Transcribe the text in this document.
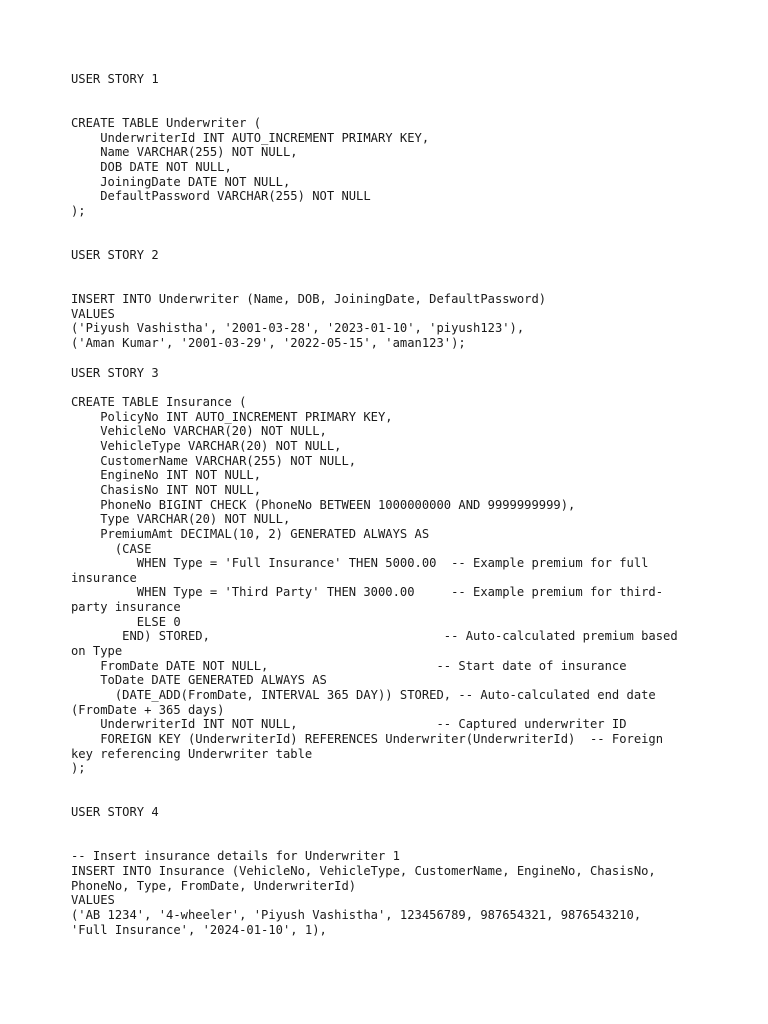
USER STORY 1

CREATE TABLE Underwriter (

UnderwriterId INT AUTO_INCREMENT PRIMARY KEY,

Name VARCHAR(255) NOT NULL,

DOB DATE NOT NULL,

JoiningDate DATE NOT NULL,

DefaultPassword VARCHAR(255) NOT NULL

);

USER STORY 2

INSERT INTO Underwriter (Name, DOB, JoiningDate, DefaultPassword)

VALUES

('Piyush Vashistha', '2001-03-28', '2023-01-10', 'piyush123'),

('Aman Kumar', '2001-03-29', '2022-05-15', 'aman123');

USER STORY 3

CREATE TABLE Insurance (

PolicyNo INT AUTO_INCREMENT PRIMARY KEY,

VehicleNo VARCHAR(20) NOT NULL,

VehicleType VARCHAR(20) NOT NULL,

CustomerName VARCHAR(255) NOT NULL,

EngineNo INT NOT NULL,

ChasisNo INT NOT NULL,

PhoneNo BIGINT CHECK (PhoneNo BETWEEN 1000000000 AND 9999999999),

Type VARCHAR(20) NOT NULL,

PremiumAmt DECIMAL(10, 2) GENERATED ALWAYS AS

(CASE

WHEN Type = 'Full Insurance' THEN 5000.00  -- Example premium for full

insurance

WHEN Type = 'Third Party' THEN 3000.00     -- Example premium for third-

party insurance

ELSE 0

END) STORED,                                -- Auto-calculated premium based

on Type

FromDate DATE NOT NULL,                       -- Start date of insurance

ToDate DATE GENERATED ALWAYS AS

(DATE_ADD(FromDate, INTERVAL 365 DAY)) STORED, -- Auto-calculated end date

(FromDate + 365 days)

UnderwriterId INT NOT NULL,                   -- Captured underwriter ID

FOREIGN KEY (UnderwriterId) REFERENCES Underwriter(UnderwriterId)  -- Foreign

key referencing Underwriter table

);

USER STORY 4

-- Insert insurance details for Underwriter 1

INSERT INTO Insurance (VehicleNo, VehicleType, CustomerName, EngineNo, ChasisNo,

PhoneNo, Type, FromDate, UnderwriterId)

VALUES

('AB 1234', '4-wheeler', 'Piyush Vashistha', 123456789, 987654321, 9876543210,

'Full Insurance', '2024-01-10', 1),
